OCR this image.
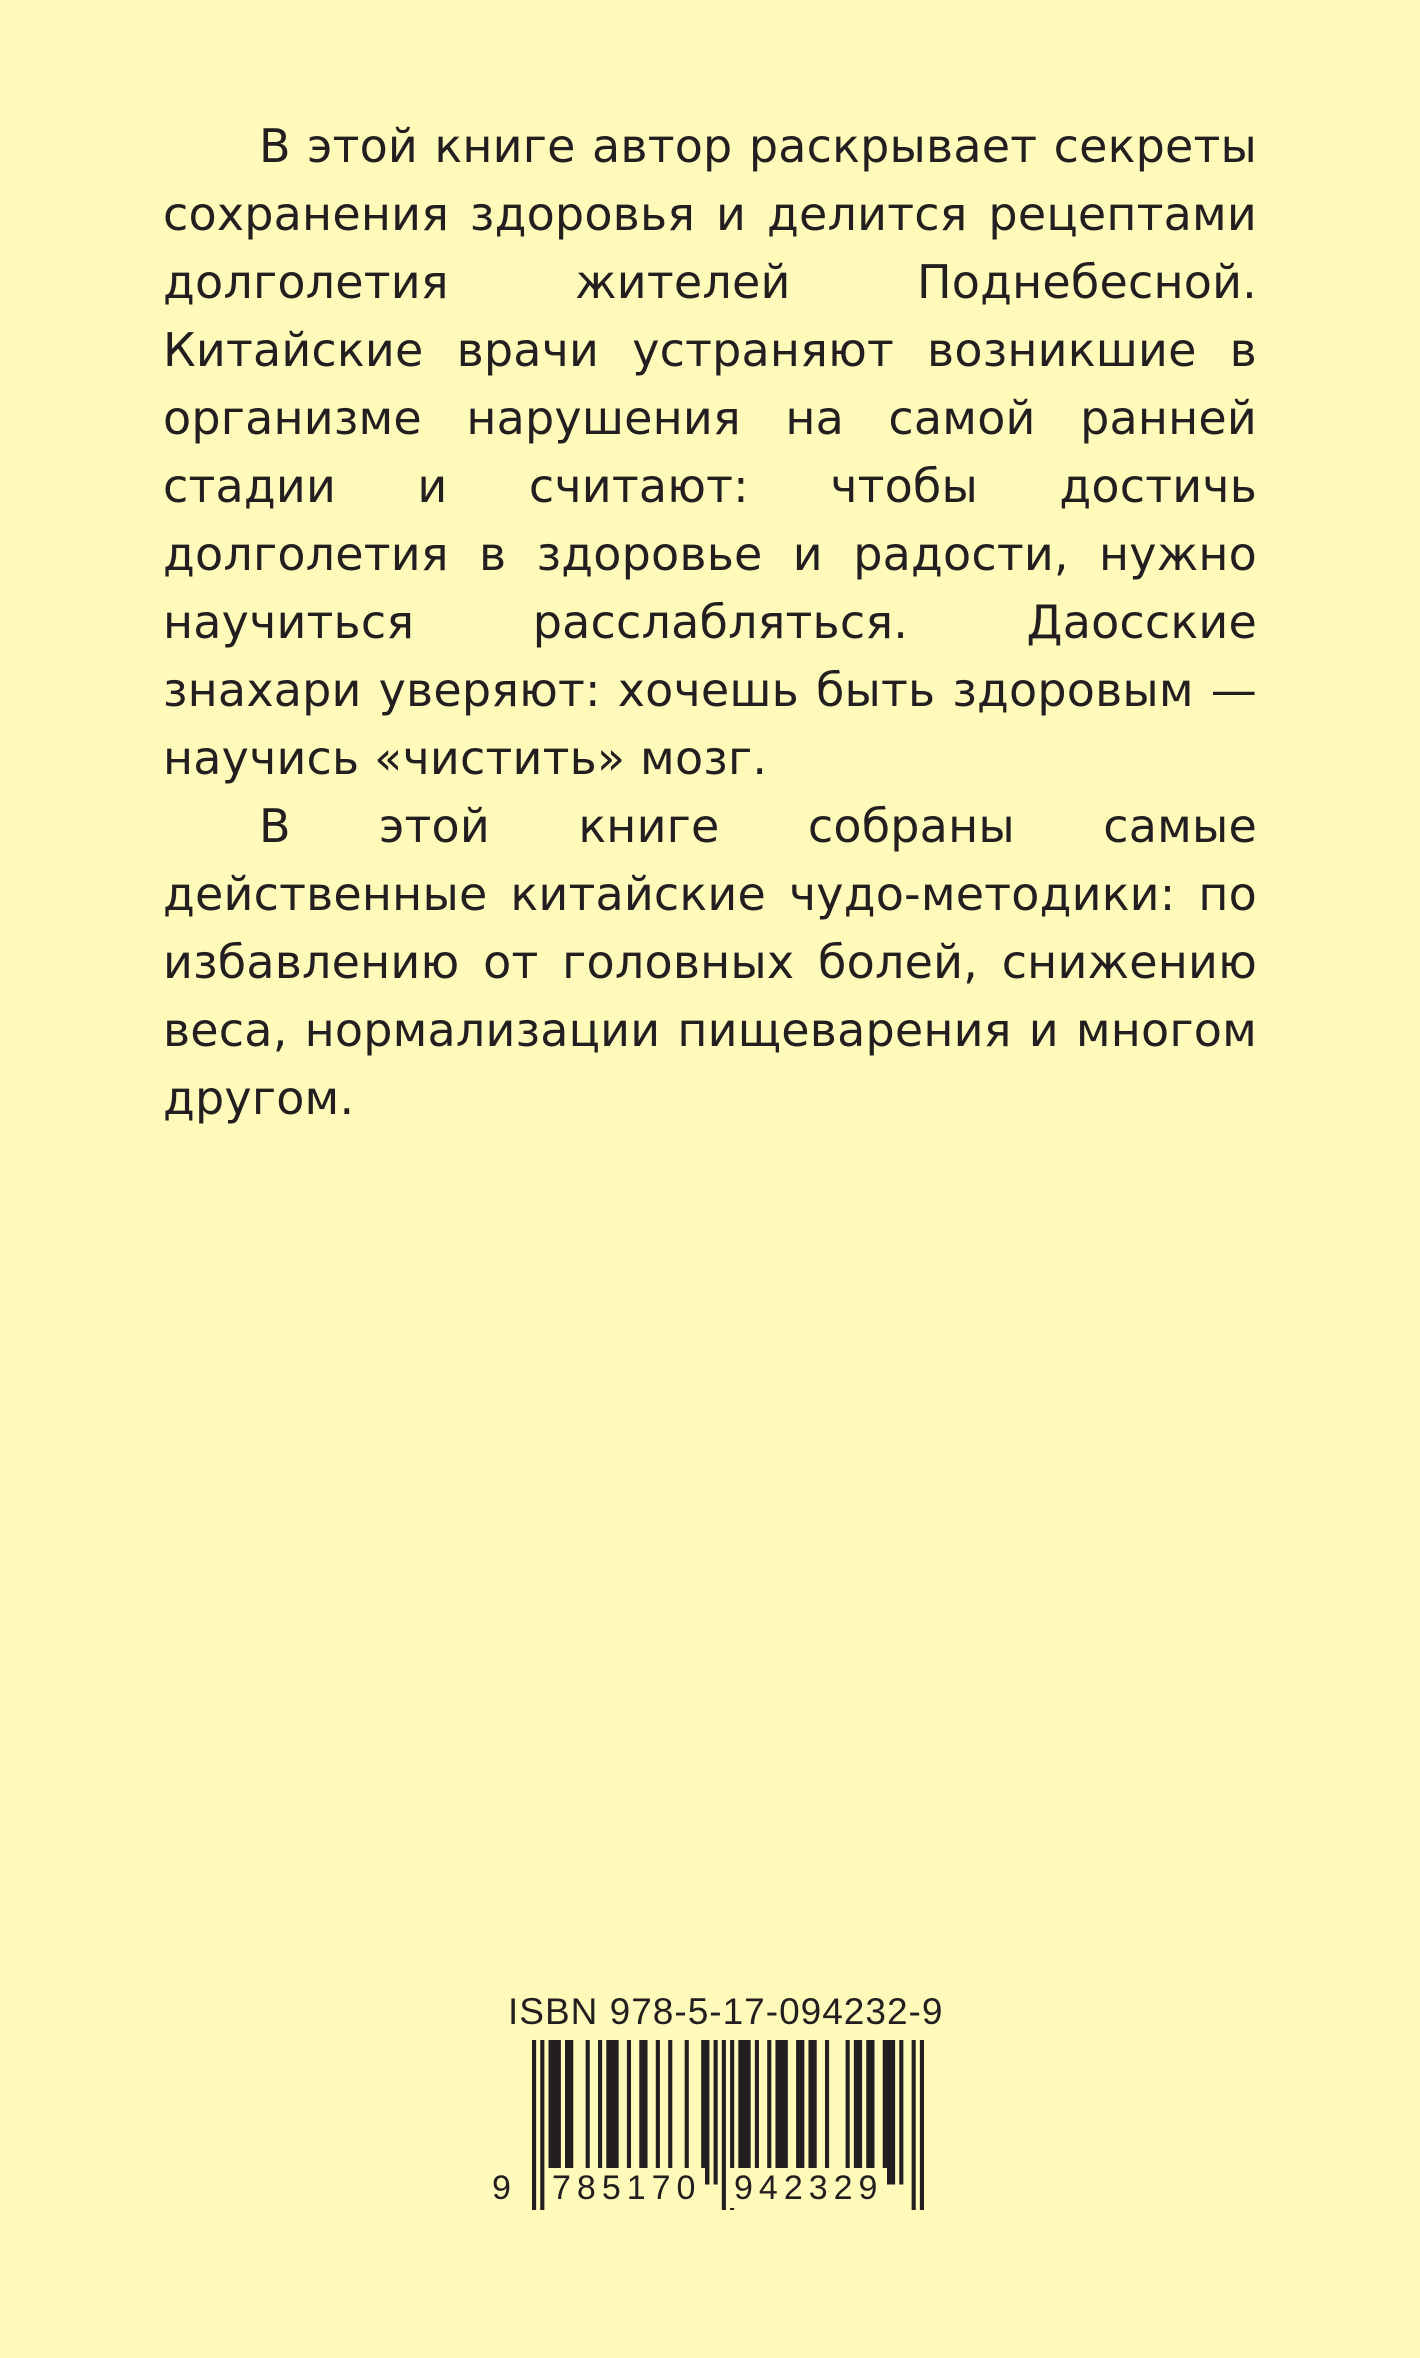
В этой книге автор раскрывает секреты сохранения здоровья и делится рецептами долголетия жителей Поднебесной. Китайские врачи устраняют возникшие в организме нарушения на самой ранней стадии и считают: чтобы достичь долголетия в здоровье и радости, нужно научиться расслабляться. Даосские знахари уверяют: хочешь быть здоровым — научись «чистить» мозг.

В этой книге собраны самые действенные китайские чудо-методики: по избавлению от головных болей, снижению веса, нормализации пищеварения и многом другом.

ISBN 978-5-17-094232-9
9 785170 942329
